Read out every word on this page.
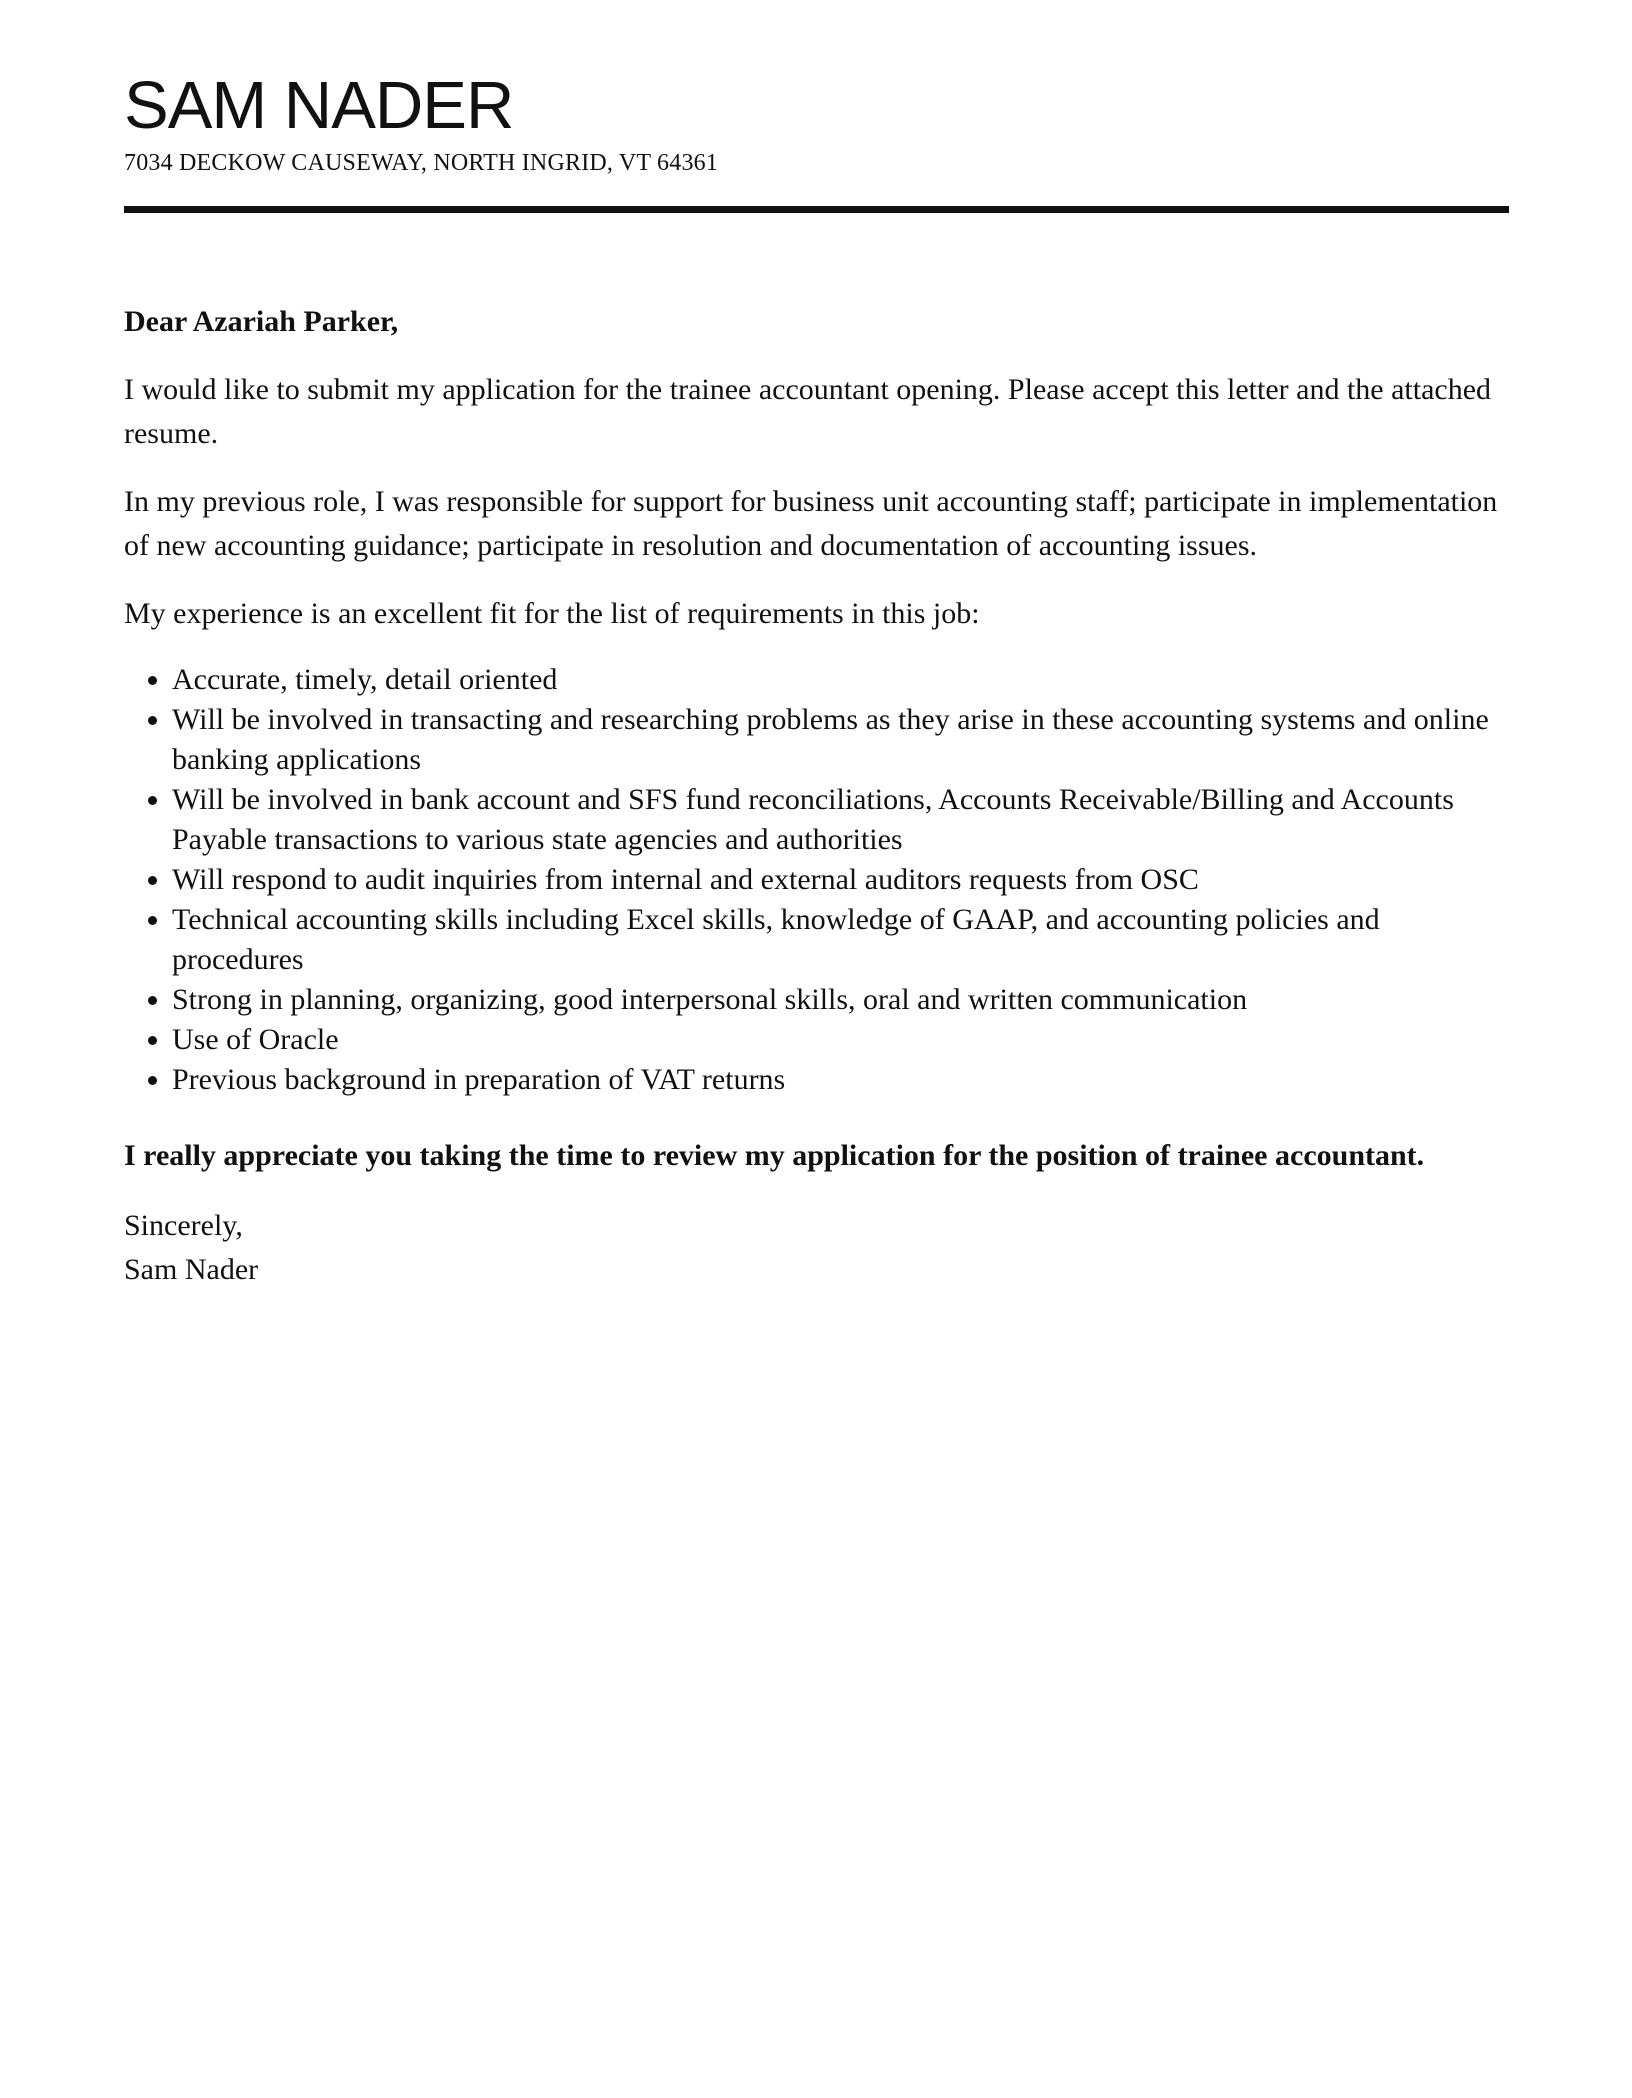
SAM NADER
7034 DECKOW CAUSEWAY, NORTH INGRID, VT 64361

Dear Azariah Parker,

I would like to submit my application for the trainee accountant opening. Please accept this letter and the attached resume.

In my previous role, I was responsible for support for business unit accounting staff; participate in implementation of new accounting guidance; participate in resolution and documentation of accounting issues.

My experience is an excellent fit for the list of requirements in this job:

• Accurate, timely, detail oriented
• Will be involved in transacting and researching problems as they arise in these accounting systems and online banking applications
• Will be involved in bank account and SFS fund reconciliations, Accounts Receivable/Billing and Accounts Payable transactions to various state agencies and authorities
• Will respond to audit inquiries from internal and external auditors requests from OSC
• Technical accounting skills including Excel skills, knowledge of GAAP, and accounting policies and procedures
• Strong in planning, organizing, good interpersonal skills, oral and written communication
• Use of Oracle
• Previous background in preparation of VAT returns

I really appreciate you taking the time to review my application for the position of trainee accountant.

Sincerely,

Sam Nader
